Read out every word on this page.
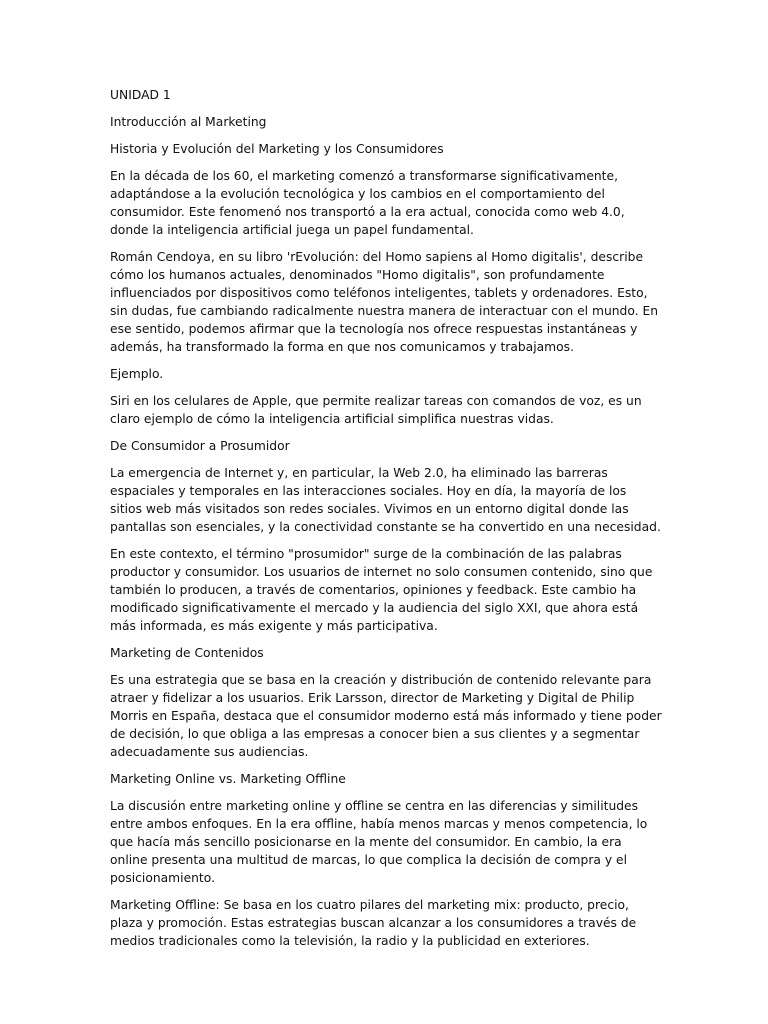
UNIDAD 1

Introducción al Marketing

Historia y Evolución del Marketing y los Consumidores

En la década de los 60, el marketing comenzó a transformarse significativamente, adaptándose a la evolución tecnológica y los cambios en el comportamiento del consumidor. Este fenomenó nos transportó a la era actual, conocida como web 4.0, donde la inteligencia artificial juega un papel fundamental.

Román Cendoya, en su libro 'rEvolución: del Homo sapiens al Homo digitalis', describe cómo los humanos actuales, denominados "Homo digitalis", son profundamente influenciados por dispositivos como teléfonos inteligentes, tablets y ordenadores. Esto, sin dudas, fue cambiando radicalmente nuestra manera de interactuar con el mundo. En ese sentido, podemos afirmar que la tecnología nos ofrece respuestas instantáneas y además, ha transformado la forma en que nos comunicamos y trabajamos.

Ejemplo.

Siri en los celulares de Apple, que permite realizar tareas con comandos de voz, es un claro ejemplo de cómo la inteligencia artificial simplifica nuestras vidas.

De Consumidor a Prosumidor

La emergencia de Internet y, en particular, la Web 2.0, ha eliminado las barreras espaciales y temporales en las interacciones sociales. Hoy en día, la mayoría de los sitios web más visitados son redes sociales. Vivimos en un entorno digital donde las pantallas son esenciales, y la conectividad constante se ha convertido en una necesidad.

En este contexto, el término "prosumidor" surge de la combinación de las palabras productor y consumidor. Los usuarios de internet no solo consumen contenido, sino que también lo producen, a través de comentarios, opiniones y feedback. Este cambio ha modificado significativamente el mercado y la audiencia del siglo XXI, que ahora está más informada, es más exigente y más participativa.

Marketing de Contenidos

Es una estrategia que se basa en la creación y distribución de contenido relevante para atraer y fidelizar a los usuarios. Erik Larsson, director de Marketing y Digital de Philip Morris en España, destaca que el consumidor moderno está más informado y tiene poder de decisión, lo que obliga a las empresas a conocer bien a sus clientes y a segmentar adecuadamente sus audiencias.

Marketing Online vs. Marketing Offline

La discusión entre marketing online y offline se centra en las diferencias y similitudes entre ambos enfoques. En la era offline, había menos marcas y menos competencia, lo que hacía más sencillo posicionarse en la mente del consumidor. En cambio, la era online presenta una multitud de marcas, lo que complica la decisión de compra y el posicionamiento.

Marketing Offline: Se basa en los cuatro pilares del marketing mix: producto, precio, plaza y promoción. Estas estrategias buscan alcanzar a los consumidores a través de medios tradicionales como la televisión, la radio y la publicidad en exteriores.
